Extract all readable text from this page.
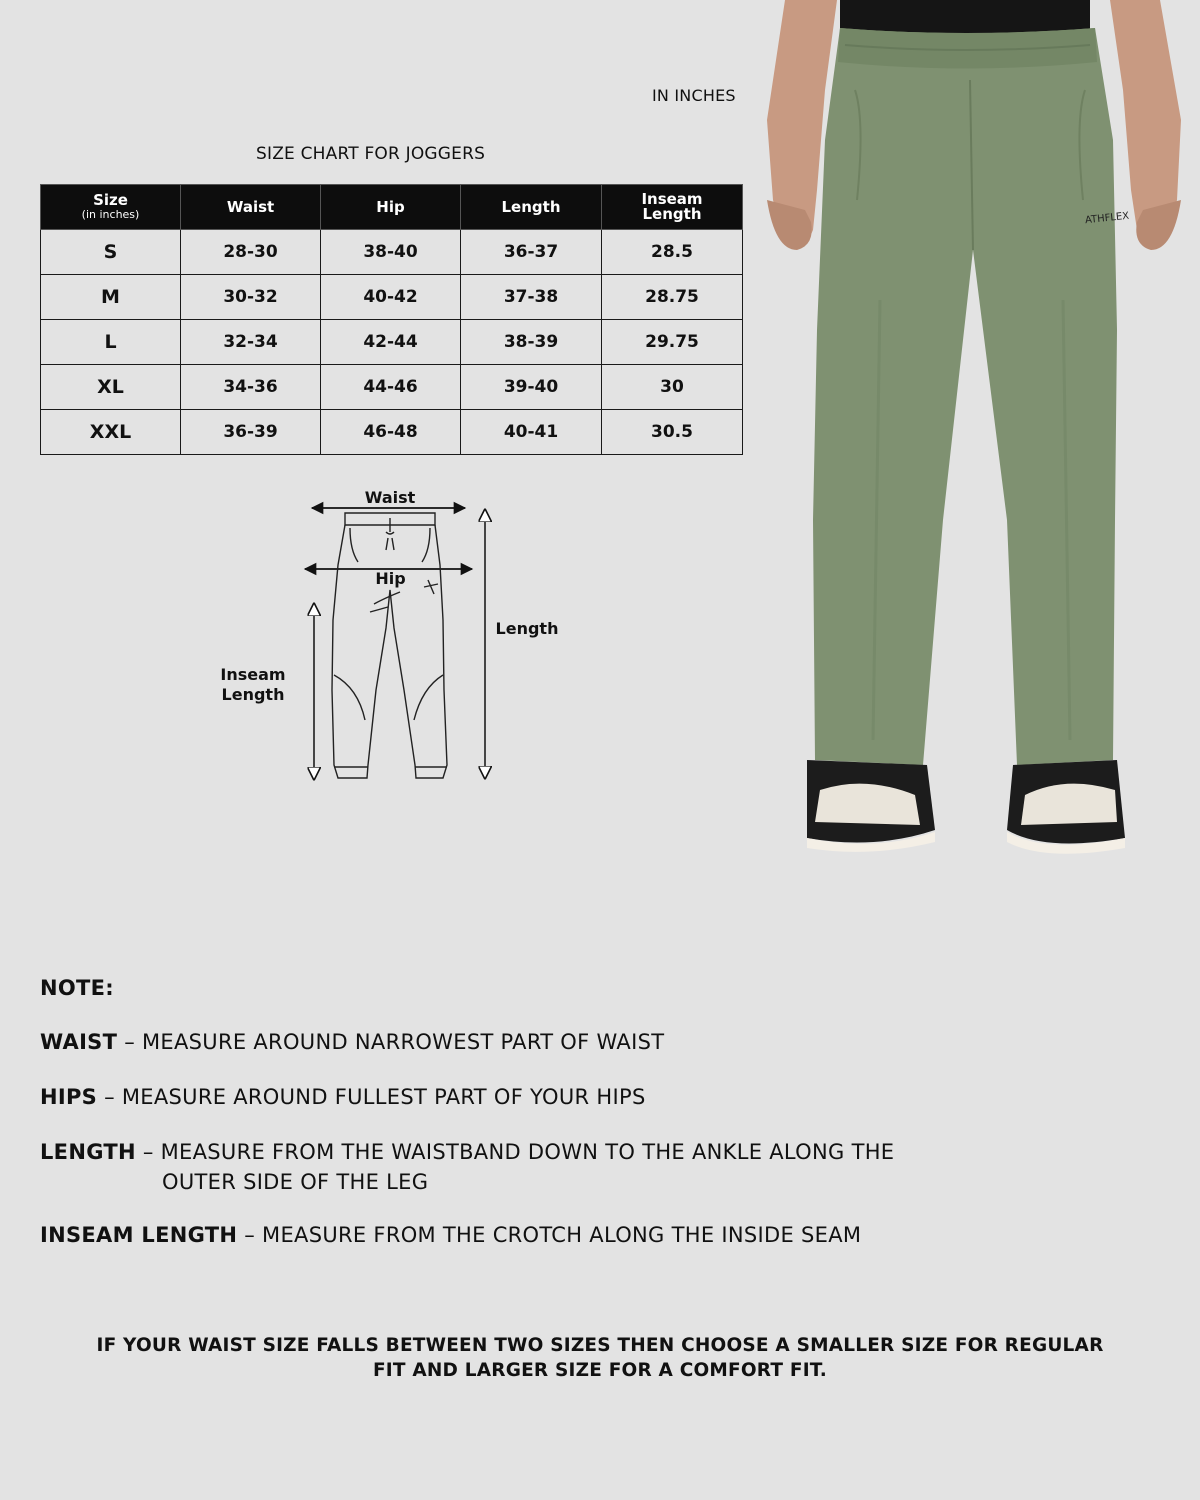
IN INCHES
SIZE CHART FOR JOGGERS
Size
(in inches)	Waist	Hip	Length	Inseam Length

S	28-30	38-40	36-37	28.5
M	30-32	40-42	37-38	28.75
L	32-34	42-44	38-39	29.75
XL	34-36	44-46	39-40	30
XXL	36-39	46-48	40-41	30.5
Waist
Hip
Length
Inseam
Length
ATHFLEX
NOTE:
WAIST – MEASURE AROUND NARROWEST PART OF WAIST
HIPS – MEASURE AROUND FULLEST PART OF YOUR HIPS
LENGTH – MEASURE FROM THE WAISTBAND DOWN TO THE ANKLE ALONG THE
OUTER SIDE OF THE LEG
INSEAM LENGTH – MEASURE FROM THE CROTCH ALONG THE INSIDE SEAM
IF YOUR WAIST SIZE FALLS BETWEEN TWO SIZES THEN CHOOSE A SMALLER SIZE FOR REGULAR
FIT AND LARGER SIZE FOR A COMFORT FIT.
